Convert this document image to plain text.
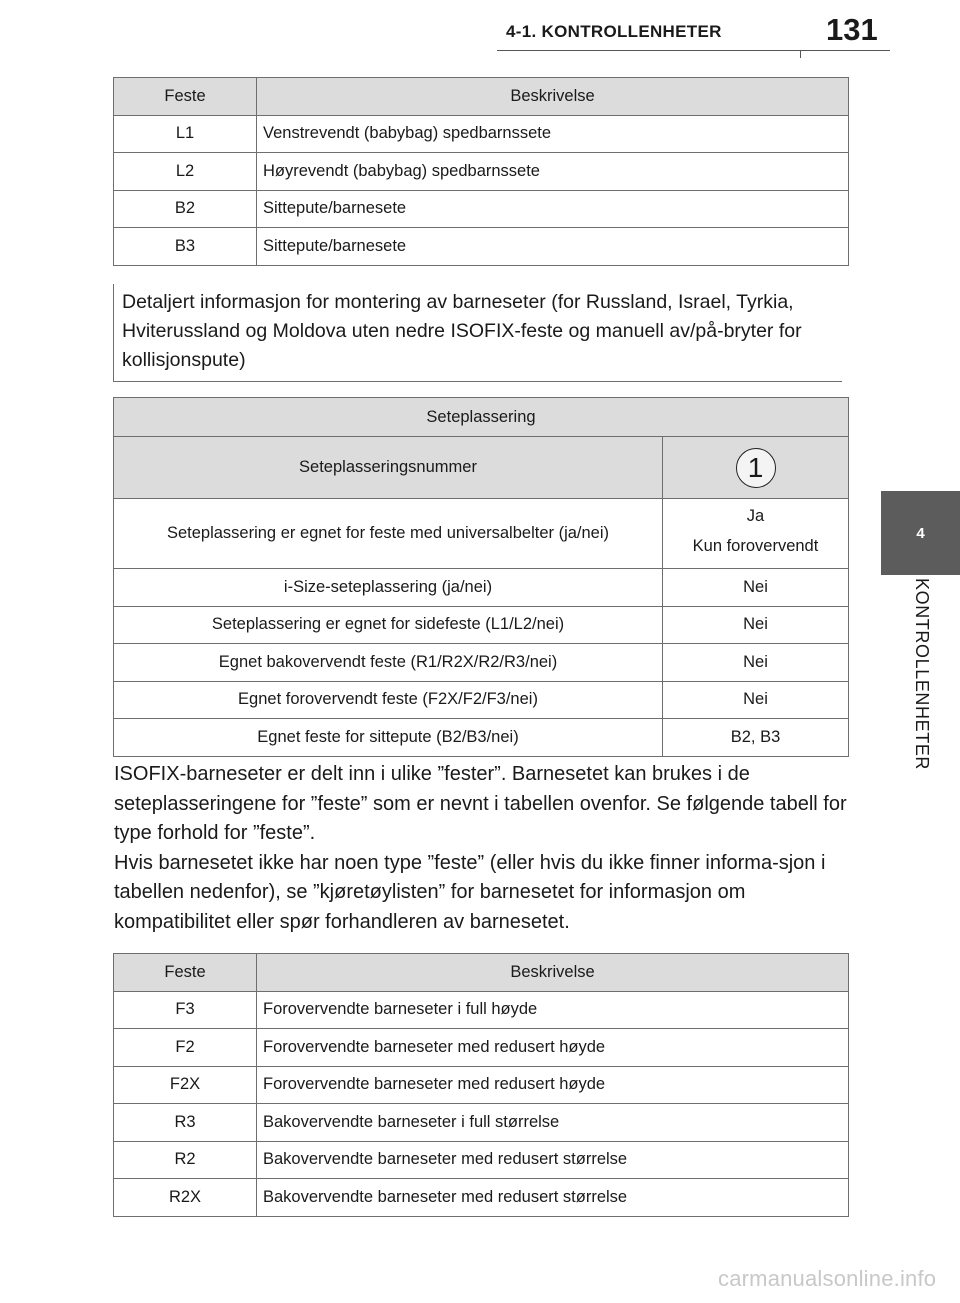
4-1. KONTROLLENHETER	131
4
KONTROLLENHETER
Feste	Beskrivelse
L1	Venstrevendt (babybag) spedbarnssete
L2	Høyrevendt (babybag) spedbarnssete
B2	Sittepute/barnesete
B3	Sittepute/barnesete
Detaljert informasjon for montering av barneseter (for Russland, Israel, Tyrkia, Hviterussland og Moldova uten nedre ISOFIX-feste og manuell av/på-bryter for kollisjonspute)
Seteplassering	
Seteplasseringsnummer	1
Seteplassering er egnet for feste med universalbelter (ja/nei)	Ja
Kun forovervendt

i-Size-seteplassering (ja/nei)	Nei
Seteplassering er egnet for sidefeste (L1/L2/nei)	Nei
Egnet bakovervendt feste (R1/R2X/R2/R3/nei)	Nei
Egnet forovervendt feste (F2X/F2/F3/nei)	Nei
Egnet feste for sittepute (B2/B3/nei)	B2, B3

ISOFIX-barneseter er delt inn i ulike ”fester”. Barnesetet kan brukes i de seteplasseringene for ”feste” som er nevnt i tabellen ovenfor. Se følgende tabell for type forhold for ”feste”.

Hvis barnesetet ikke har noen type ”feste” (eller hvis du ikke finner informa-sjon i tabellen nedenfor), se ”kjøretøylisten” for barnesetet for informasjon om kompatibilitet eller spør forhandleren av barnesetet.

Feste	Beskrivelse
F3	Forovervendte barneseter i full høyde
F2	Forovervendte barneseter med redusert høyde
F2X	Forovervendte barneseter med redusert høyde
R3	Bakovervendte barneseter i full størrelse
R2	Bakovervendte barneseter med redusert størrelse
R2X	Bakovervendte barneseter med redusert størrelse
carmanualsonline.info
